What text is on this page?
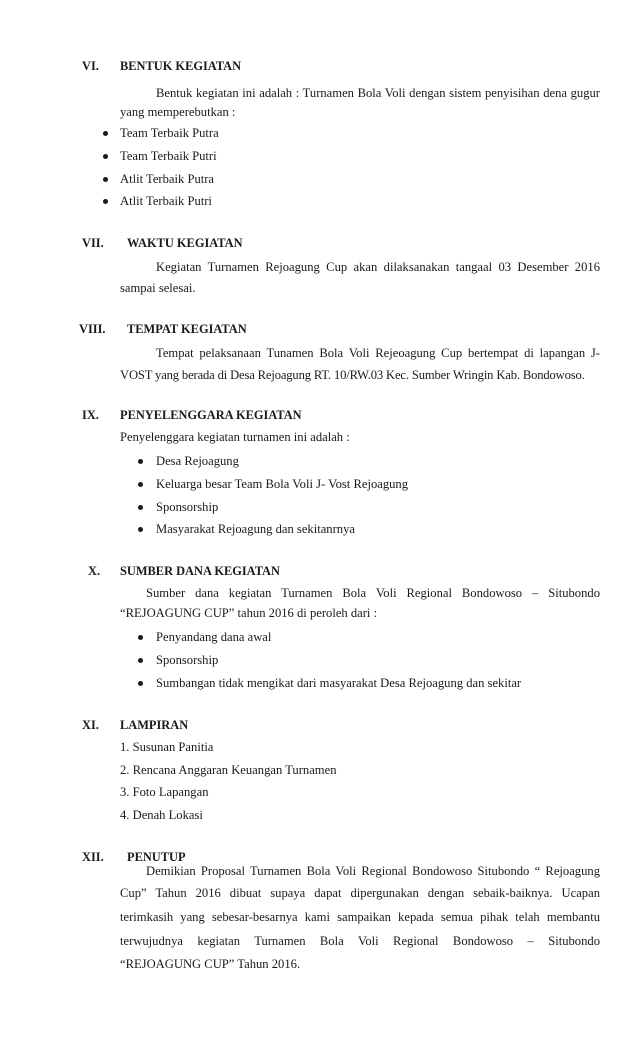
VI. BENTUK KEGIATAN
Bentuk kegiatan ini adalah : Turnamen Bola Voli dengan sistem penyisihan dena gugur
yang memperebutkan :
Team Terbaik Putra
Team Terbaik Putri
Atlit Terbaik Putra
Atlit Terbaik Putri
VII. WAKTU KEGIATAN
Kegiatan Turnamen Rejoagung Cup akan dilaksanakan tangaal 03 Desember 2016
sampai selesai.
VIII. TEMPAT KEGIATAN
Tempat pelaksanaan Tunamen Bola Voli Rejeoagung Cup bertempat di lapangan J-
VOST yang berada di Desa Rejoagung RT. 10/RW.03 Kec. Sumber Wringin Kab. Bondowoso.
IX. PENYELENGGARA KEGIATAN
Penyelenggara kegiatan turnamen ini adalah :
Desa Rejoagung
Keluarga besar Team Bola Voli J- Vost Rejoagung
Sponsorship
Masyarakat Rejoagung dan sekitanrnya
X. SUMBER DANA KEGIATAN
Sumber dana kegiatan Turnamen Bola Voli Regional Bondowoso – Situbondo
“REJOAGUNG CUP” tahun 2016 di peroleh dari :
Penyandang dana awal
Sponsorship
Sumbangan tidak mengikat dari masyarakat Desa Rejoagung dan sekitar
XI. LAMPIRAN
1. Susunan Panitia
2. Rencana Anggaran Keuangan Turnamen
3. Foto Lapangan
4. Denah Lokasi
XII. PENUTUP
Demikian Proposal Turnamen Bola Voli Regional Bondowoso Situbondo “ Rejoagung
Cup” Tahun 2016 dibuat supaya dapat dipergunakan dengan sebaik-baiknya. Ucapan
terimkasih yang sebesar-besarnya kami sampaikan kepada semua pihak telah membantu
terwujudnya kegiatan Turnamen Bola Voli Regional Bondowoso – Situbondo
“REJOAGUNG CUP” Tahun 2016.
